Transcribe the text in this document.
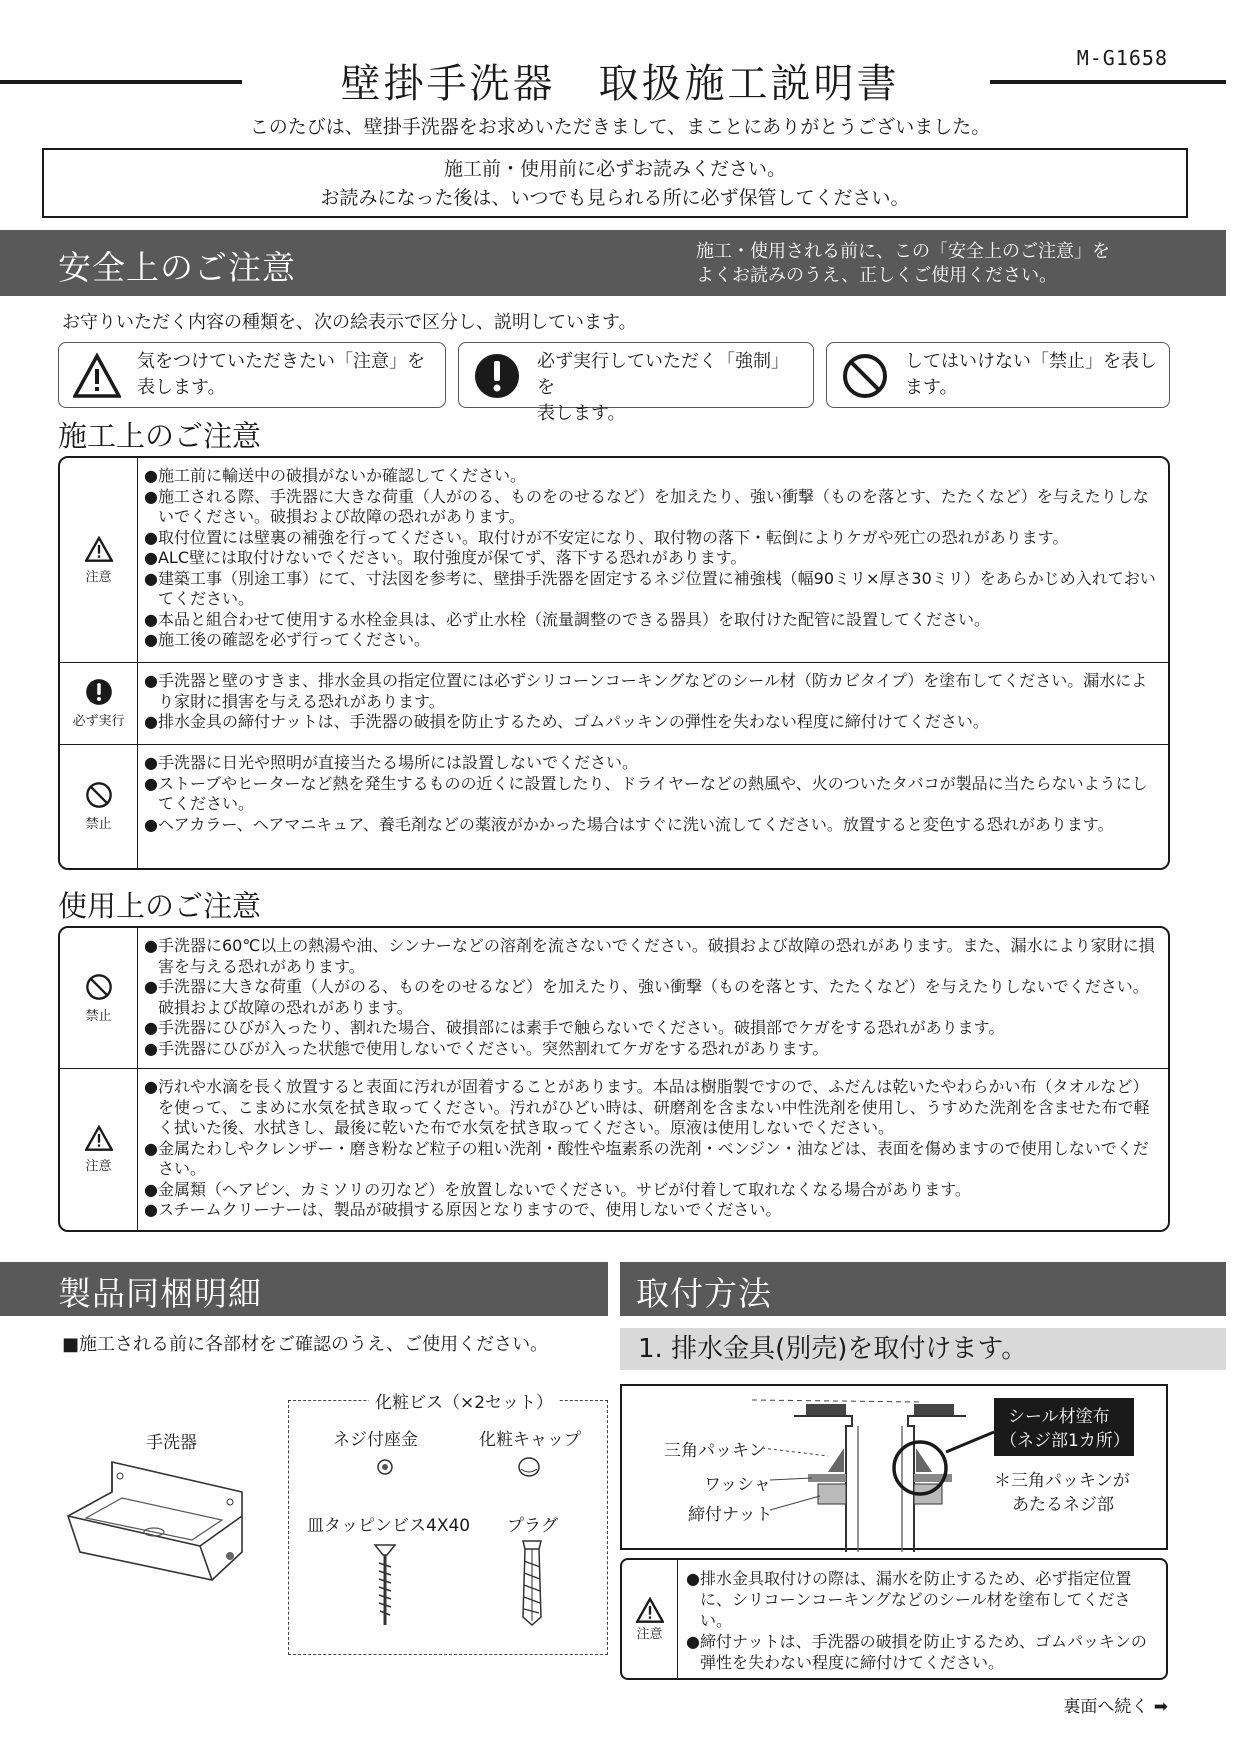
壁掛手洗器　取扱施工説明書
M-G1658
このたびは、壁掛手洗器をお求めいただきまして、まことにありがとうございました。
施工前・使用前に必ずお読みください。
お読みになった後は、いつでも見られる所に必ず保管してください。
安全上のご注意	施工・使用される前に、この「安全上のご注意」を
よくお読みのうえ、正しくご使用ください。
お守りいただく内容の種類を、次の絵表示で区分し、説明しています。
気をつけていただきたい「注意」を
表します。
必ず実行していただく「強制」を
表します。
してはいけない「禁止」を表し
ます。
施工上のご注意
注意
● 施工前に輸送中の破損がないか確認してください。
● 施工される際、手洗器に大きな荷重（人がのる、ものをのせるなど）を加えたり、強い衝撃（ものを落とす、たたくなど）を与えたりしないでください。破損および故障の恐れがあります。
● 取付位置には壁裏の補強を行ってください。取付けが不安定になり、取付物の落下・転倒によりケガや死亡の恐れがあります。
● ALC壁には取付けないでください。取付強度が保てず、落下する恐れがあります。
● 建築工事（別途工事）にて、寸法図を参考に、壁掛手洗器を固定するネジ位置に補強桟（幅90ミリ×厚さ30ミリ）をあらかじめ入れておいてください。
● 本品と組合わせて使用する水栓金具は、必ず止水栓（流量調整のできる器具）を取付けた配管に設置してください。
● 施工後の確認を必ず行ってください。
必ず実行
● 手洗器と壁のすきま、排水金具の指定位置には必ずシリコーンコーキングなどのシール材（防カビタイプ）を塗布してください。漏水により家財に損害を与える恐れがあります。
● 排水金具の締付ナットは、手洗器の破損を防止するため、ゴムパッキンの弾性を失わない程度に締付けてください。
禁止
● 手洗器に日光や照明が直接当たる場所には設置しないでください。
● ストーブやヒーターなど熱を発生するものの近くに設置したり、ドライヤーなどの熱風や、火のついたタバコが製品に当たらないようにしてください。
● ヘアカラー、ヘアマニキュア、養毛剤などの薬液がかかった場合はすぐに洗い流してください。放置すると変色する恐れがあります。
使用上のご注意
禁止
● 手洗器に60℃以上の熱湯や油、シンナーなどの溶剤を流さないでください。破損および故障の恐れがあります。また、漏水により家財に損害を与える恐れがあります。
● 手洗器に大きな荷重（人がのる、ものをのせるなど）を加えたり、強い衝撃（ものを落とす、たたくなど）を与えたりしないでください。破損および故障の恐れがあります。
● 手洗器にひびが入ったり、割れた場合、破損部には素手で触らないでください。破損部でケガをする恐れがあります。
● 手洗器にひびが入った状態で使用しないでください。突然割れてケガをする恐れがあります。
注意
● 汚れや水滴を長く放置すると表面に汚れが固着することがあります。本品は樹脂製ですので、ふだんは乾いたやわらかい布（タオルなど）を使って、こまめに水気を拭き取ってください。汚れがひどい時は、研磨剤を含まない中性洗剤を使用し、うすめた洗剤を含ませた布で軽く拭いた後、水拭きし、最後に乾いた布で水気を拭き取ってください。原液は使用しないでください。
● 金属たわしやクレンザー・磨き粉など粒子の粗い洗剤・酸性や塩素系の洗剤・ベンジン・油などは、表面を傷めますので使用しないでください。
● 金属類（ヘアピン、カミソリの刃など）を放置しないでください。サビが付着して取れなくなる場合があります。
● スチームクリーナーは、製品が破損する原因となりますので、使用しないでください。
製品同梱明細
■施工される前に各部材をご確認のうえ、ご使用ください。
手洗器
化粧ビス（×2セット）
ネジ付座金	化粧キャップ
皿タッピンビス4X40 プラグ
取付方法
1. 排水金具(別売)を取付けます。
シール材塗布
（ネジ部1カ所）
＊三角パッキンが
あたるネジ部
三角パッキン
ワッシャ
締付ナット
注意
● 排水金具取付けの際は、漏水を防止するため、必ず指定位置に、シリコーンコーキングなどのシール材を塗布してください。
● 締付ナットは、手洗器の破損を防止するため、ゴムパッキンの弾性を失わない程度に締付けてください。
裏面へ続く ➡
